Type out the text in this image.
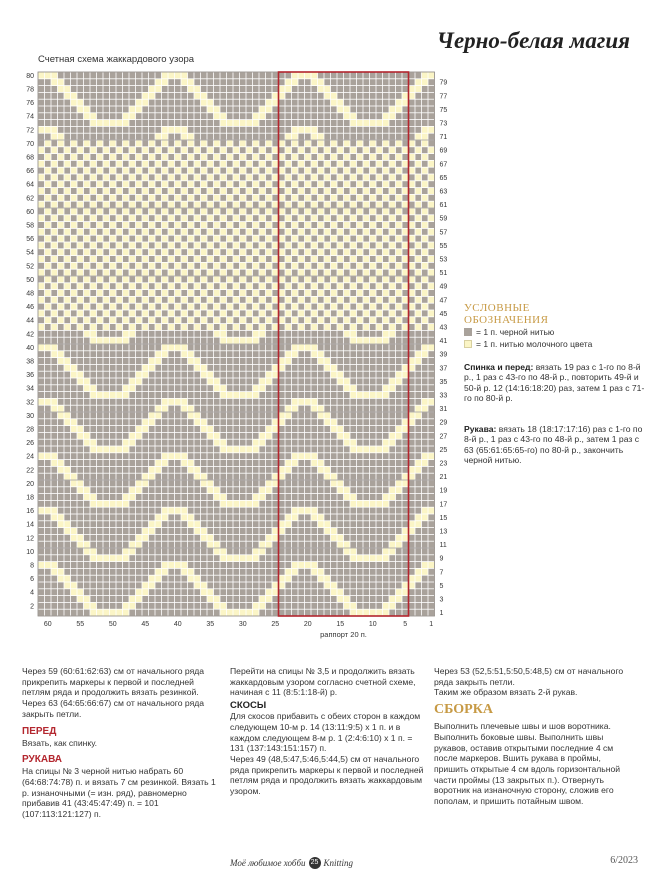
Черно-белая магия
Счетная схема жаккардового узора
2
4
6
8
10
12
14
16
18
20
22
24
26
28
30
32
34
36
38
40
42
44
46
48
50
52
54
56
58
60
62
64
66
68
70
72
74
76
78
80
1
3
5
7
9
11
13
15
17
19
21
23
25
27
29
31
33
35
37
39
41
43
45
47
49
51
53
55
57
59
61
63
65
67
69
71
73
75
77
79
60	55	50	45	40	35	30	25	20	15	10	5	1
раппорт 20 п.
УСЛОВНЫЕ
ОБОЗНАЧЕНИЯ
= 1 п. черной нитью
= 1 п. нитью молочного цвета
Спинка и перед: вязать 19 раз с 1-го по 8-й р., 1 раз с 43-го по 48-й р., повторить 49-й и 50-й р. 12 (14:16:18:20) раз, затем 1 раз с 71-го по 80-й р.
Рукава: вязать 18 (18:17:17:16) раз с 1-го по 8-й р., 1 раз с 43-го по 48-й р., затем 1 раз с 63 (65:61:65:65-го) по 80-й р., закончить черной нитью.

Через 59 (60:61:62:63) см от начального ряда прикрепить маркеры к первой и последней петлям ряда и продолжить вязать резинкой.

Через 63 (64:65:66:67) см от начального ряда закрыть петли.

ПЕРЕД

Вязать, как спинку.

РУКАВА

На спицы № 3 черной нитью набрать 60 (64:68:74:78) п. и вязать 7 см резинкой. Вязать 1 р. изнаночными (= изн. ряд), равномерно прибавив 41 (43:45:47:49) п. = 101 (107:113:121:127) п.

Перейти на спицы № 3,5 и продолжить вязать жаккардовым узором согласно счетной схеме, начиная с 11 (8:5:1:18-й) р.

СКОСЫ

Для скосов прибавить с обеих сторон в каждом следующем 10-м р. 14 (13:11:9:5) x 1 п. и в каждом следующем 8-м р. 1 (2:4:6:10) x 1 п. = 131 (137:143:151:157) п.

Через 49 (48,5:47,5:46,5:44,5) см от начального ряда прикрепить маркеры к первой и последней петлям ряда и продолжить вязать жаккардовым узором.

Через 53 (52,5:51,5:50,5:48,5) см от начального ряда закрыть петли.

Таким же образом вязать 2-й рукав.

СБОРКА

Выполнить плечевые швы и шов воротника. Выполнить боковые швы. Выполнить швы рукавов, оставив открытыми последние 4 см после маркеров. Вшить рукава в проймы, пришить открытые 4 см вдоль горизонтальной части проймы (13 закрытых п.). Отвернуть воротник на изнаночную сторону, сложив его пополам, и пришить потайным швом.

Моё любимое хобби 25 Knitting	6/2023
